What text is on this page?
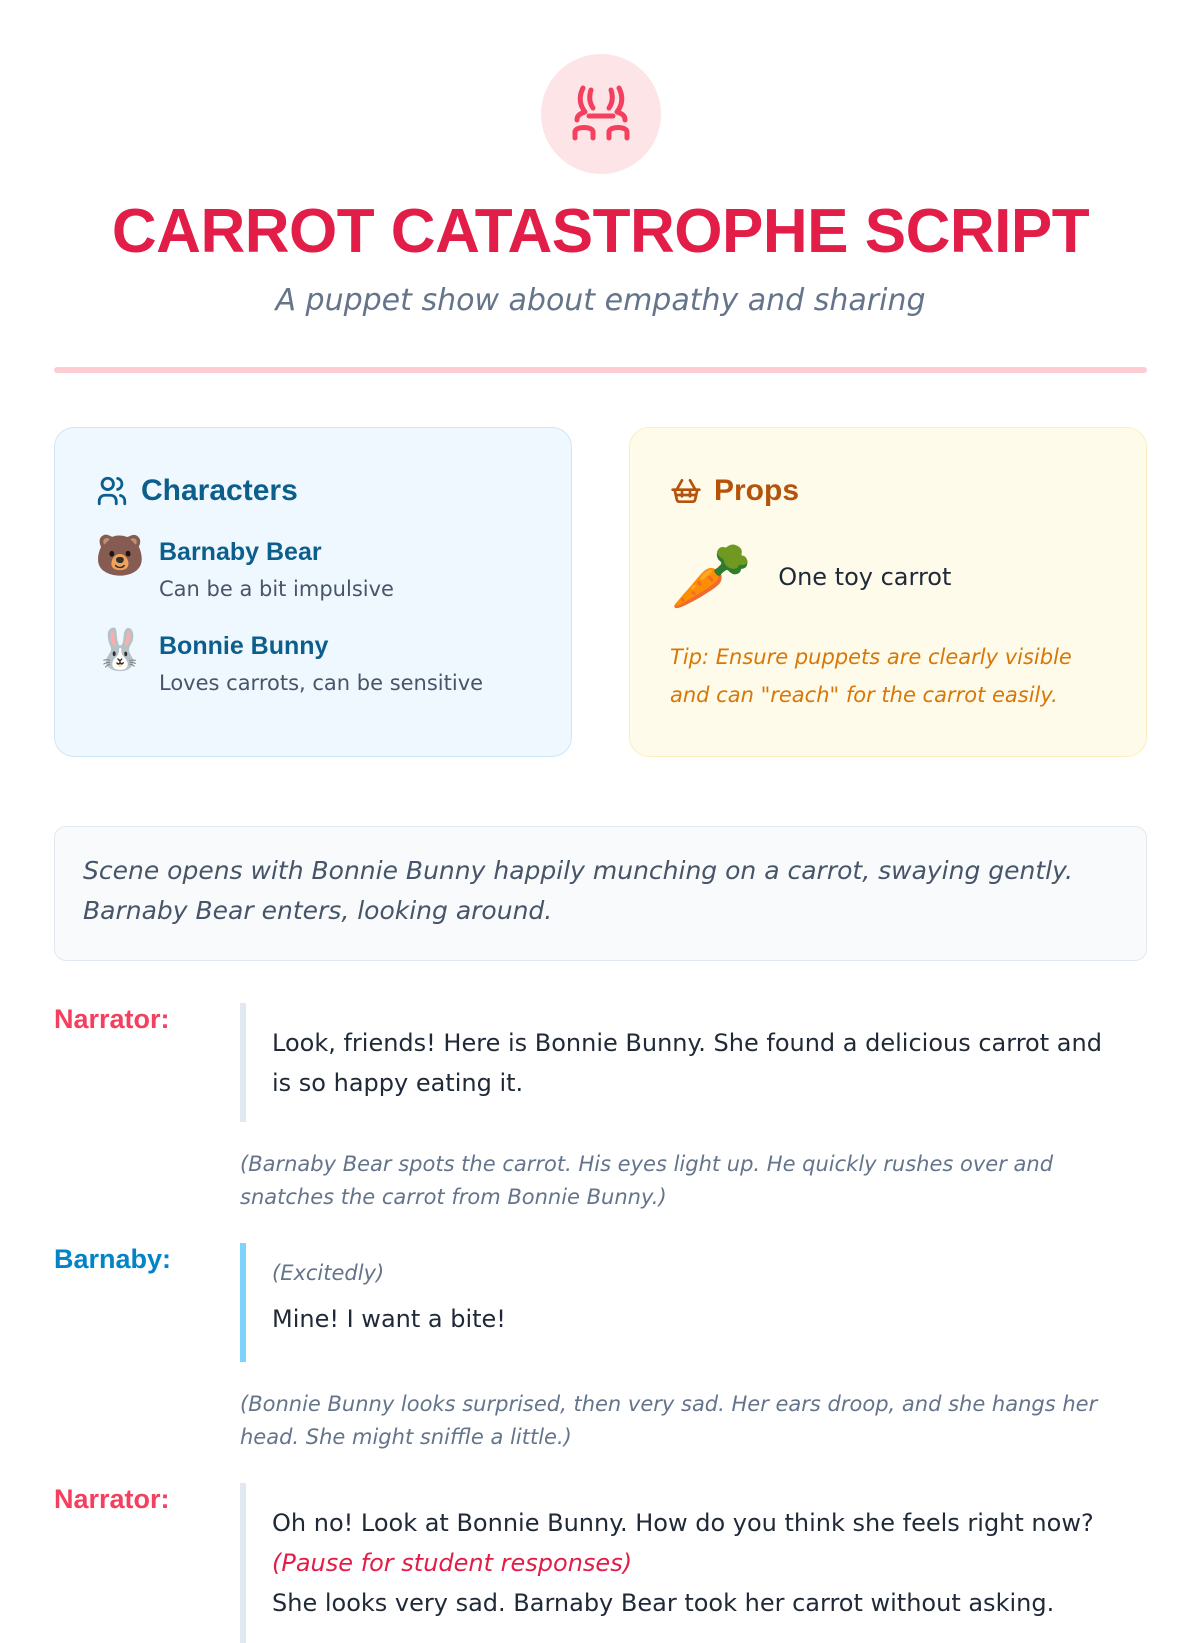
CARROT CATASTROPHE SCRIPT

A puppet show about empathy and sharing

Characters
🐻 Barnaby Bear
Can be a bit impulsive
🐰 Bonnie Bunny
Loves carrots, can be sensitive
Props
🥕 One toy carrot
Tip: Ensure puppets are clearly visible and can "reach" for the carrot easily.
Scene opens with Bonnie Bunny happily munching on a carrot, swaying gently. Barnaby Bear enters, looking around.
Narrator:
Look, friends! Here is Bonnie Bunny. She found a delicious carrot and is so happy eating it.
(Barnaby Bear spots the carrot. His eyes light up. He quickly rushes over and snatches the carrot from Bonnie Bunny.)
Barnaby:	(Excitedly)
Mine! I want a bite!
(Bonnie Bunny looks surprised, then very sad. Her ears droop, and she hangs her head. She might sniffle a little.)
Narrator:
Oh no! Look at Bonnie Bunny. How do you think she feels right now?
(Pause for student responses)
She looks very sad. Barnaby Bear took her carrot without asking.
